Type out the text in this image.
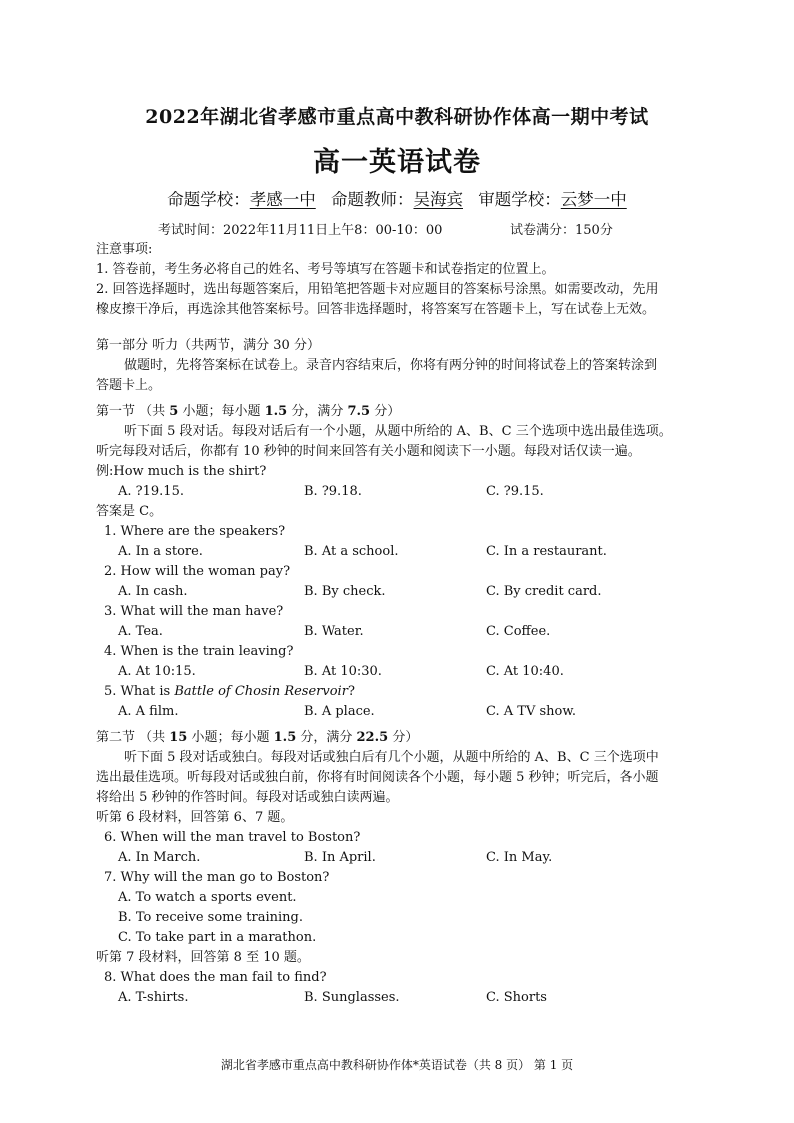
2022年湖北省孝感市重点高中教科研协作体高一期中考试
高一英语试卷
命题学校：孝感一中 命题教师：吴海宾 审题学校：云梦一中
考试时间：2022年11月11日上午8：00-10：00	试卷满分：150分
注意事项:
1. 答卷前，考生务必将自己的姓名、考号等填写在答题卡和试卷指定的位置上。
2. 回答选择题时，选出每题答案后，用铅笔把答题卡对应题目的答案标号涂黑。如需要改动，先用
橡皮擦干净后，再选涂其他答案标号。回答非选择题时，将答案写在答题卡上，写在试卷上无效。
第一部分 听力（共两节，满分 30 分）
做题时，先将答案标在试卷上。录音内容结束后，你将有两分钟的时间将试卷上的答案转涂到
答题卡上。
第一节 （共 5 小题；每小题 1.5 分，满分 7.5 分）
听下面 5 段对话。每段对话后有一个小题，从题中所给的 A、B、C 三个选项中选出最佳选项。
听完每段对话后，你都有 10 秒钟的时间来回答有关小题和阅读下一小题。每段对话仅读一遍。
例:How much is the shirt?
A. ?19.15.	B. ?9.18.	C. ?9.15.
答案是 C。
1. Where are the speakers?
A. In a store.	B. At a school.	C. In a restaurant.
2. How will the woman pay?
A. In cash.	B. By check.	C. By credit card.
3. What will the man have?
A. Tea.	B. Water.	C. Coffee.
4. When is the train leaving?
A. At 10:15.	B. At 10:30.	C. At 10:40.
5. What is Battle of Chosin Reservoir?
A. A film.	B. A place.	C. A TV show.
第二节 （共 15 小题；每小题 1.5 分，满分 22.5 分）
听下面 5 段对话或独白。每段对话或独白后有几个小题，从题中所给的 A、B、C 三个选项中
选出最佳选项。听每段对话或独白前，你将有时间阅读各个小题，每小题 5 秒钟；听完后，各小题
将给出 5 秒钟的作答时间。每段对话或独白读两遍。
听第 6 段材料，回答第 6、7 题。
6. When will the man travel to Boston?
A. In March.	B. In April.	C. In May.
7. Why will the man go to Boston?
A. To watch a sports event.
B. To receive some training.
C. To take part in a marathon.
听第 7 段材料，回答第 8 至 10 题。
8. What does the man fail to find?
A. T-shirts.	B. Sunglasses.	C. Shorts
湖北省孝感市重点高中教科研协作体*英语试卷（共 8 页） 第 1 页
